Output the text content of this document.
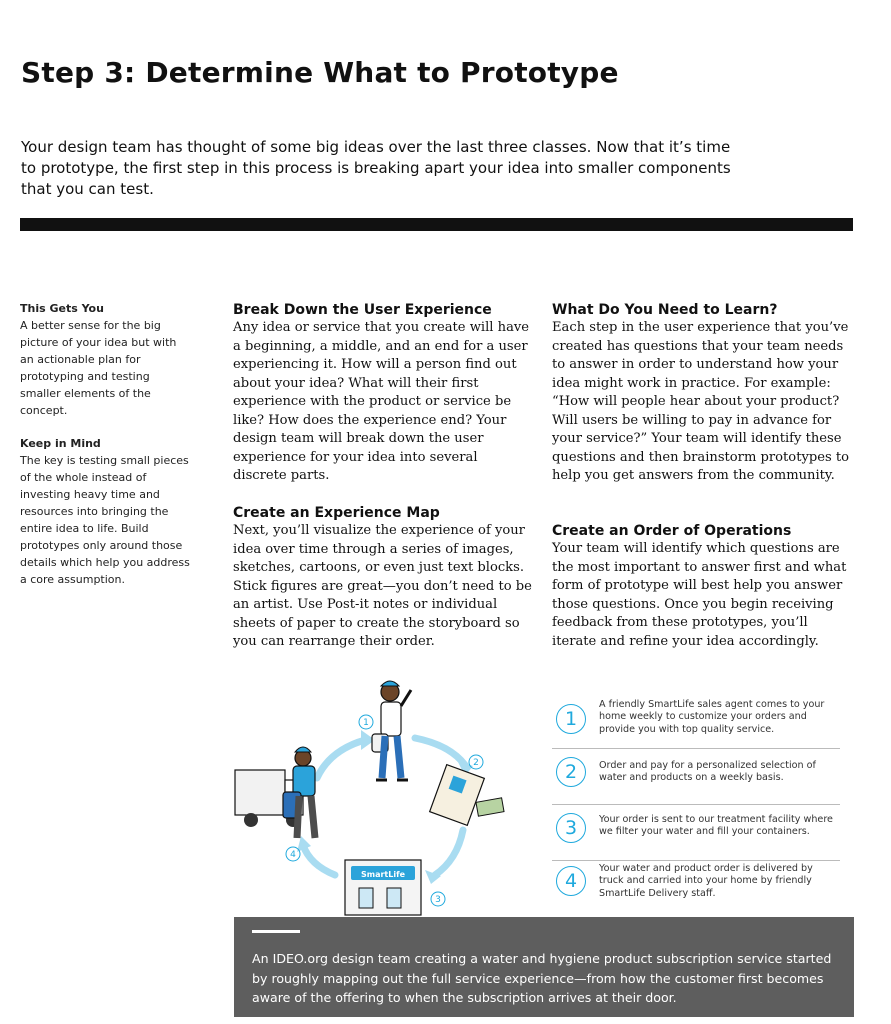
Step 3: Determine What to Prototype

Your design team has thought of some big ideas over the last three classes. Now that it’s time to prototype, the first step in this process is breaking apart your idea into smaller components that you can test.

This Gets You

A better sense for the big picture of your idea but with an actionable plan for prototyping and testing smaller elements of the concept.

Keep in Mind

The key is testing small pieces of the whole instead of investing heavy time and resources into bringing the entire idea to life. Build prototypes only around those details which help you address a core assumption.

Break Down the User Experience

Any idea or service that you create will have a beginning, a middle, and an end for a user experiencing it. How will a person find out about your idea? What will their first experience with the product or service be like? How does the experience end? Your design team will break down the user experience for your idea into several discrete parts.

Create an Experience Map

Next, you’ll visualize the experience of your idea over time through a series of images, sketches, cartoons, or even just text blocks. Stick figures are great—you don’t need to be an artist. Use Post-it notes or individual sheets of paper to create the storyboard so you can rearrange their order.

What Do You Need to Learn?

Each step in the user experience that you’ve created has questions that your team needs to answer in order to understand how your idea might work in practice. For example: “How will people hear about your product? Will users be willing to pay in advance for your service?” Your team will identify these questions and then brainstorm prototypes to help you get answers from the community.

Create an Order of Operations

Your team will identify which questions are the most important to answer first and what form of prototype will best help you answer those questions. Once you begin receiving feedback from these prototypes, you’ll iterate and refine your idea accordingly.

SmartLife
1
2
3
4
1
A friendly SmartLife sales agent comes to your home weekly to customize your orders and provide you with top quality service.
2	Order and pay for a personalized selection of water and products on a weekly basis.
3	Your order is sent to our treatment facility where we filter your water and fill your containers.
4
Your water and product order is delivered by truck and carried into your home by friendly SmartLife Delivery staff.

An IDEO.org design team creating a water and hygiene product subscription service started by roughly mapping out the full service experience—from how the customer first becomes aware of the offering to when the subscription arrives at their door.
